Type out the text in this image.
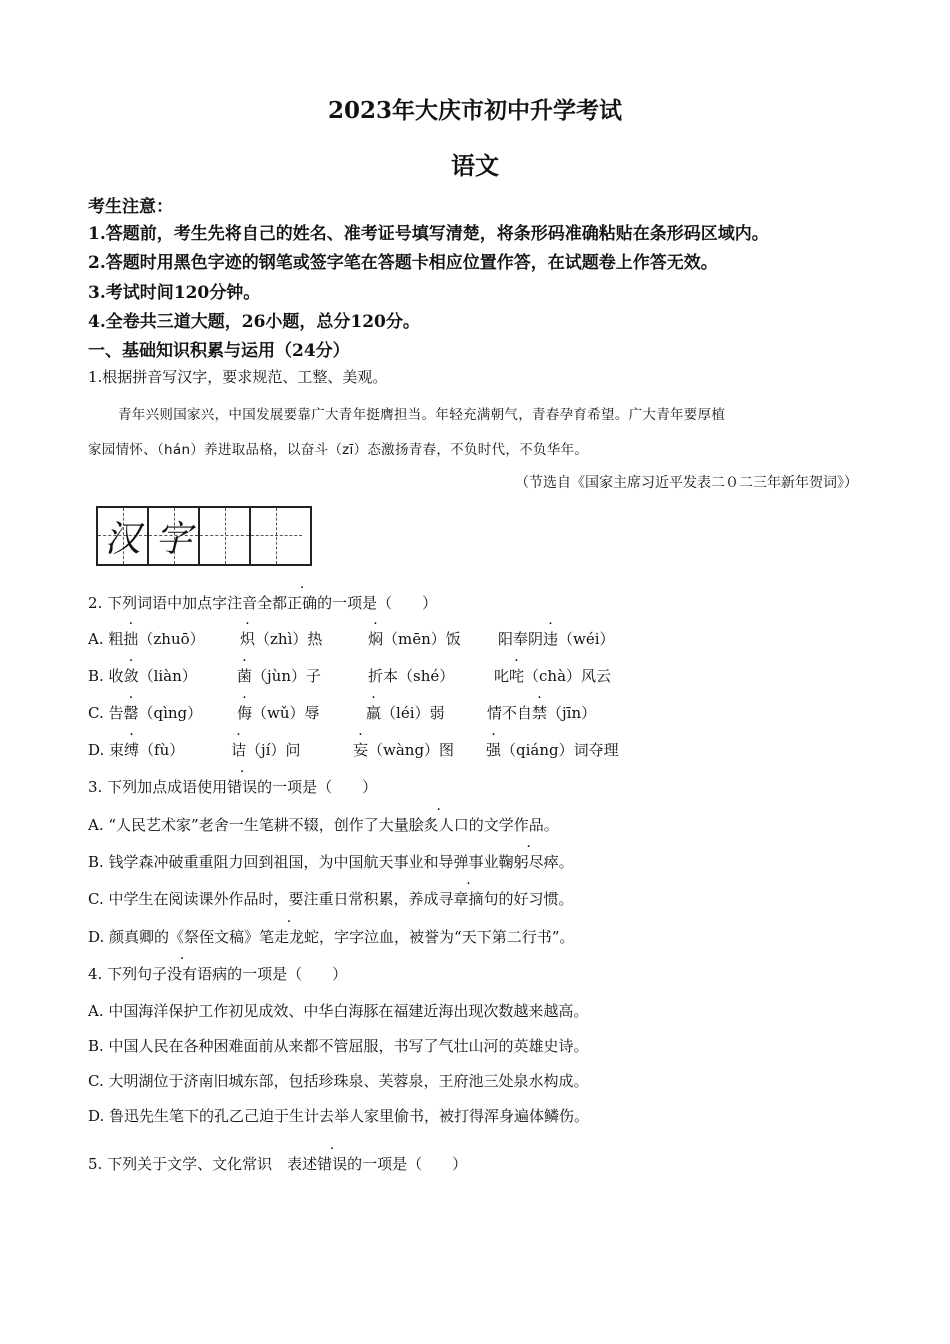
2023年大庆市初中升学考试
语文
考生注意：
1.答题前，考生先将自己的姓名、准考证号填写清楚，将条形码准确粘贴在条形码区域内。
2.答题时用黑色字迹的钢笔或签字笔在答题卡相应位置作答，在试题卷上作答无效。
3.考试时间120分钟。
4.全卷共三道大题，26小题，总分120分。
一、基础知识积累与运用（24分）
1.根据拼音写汉字，要求规范、工整、美观。
青年兴则国家兴，中国发展要靠广大青年挺膺担当。年轻充满朝气，青春孕育希望。广大青年要厚植
家园情怀、（hán）养进取品格，以奋斗（zī）态激扬青春，不负时代，不负华年。
（节选自《国家主席习近平发表二０二三年新年贺词》）
汉 字
2. 下列词语中加点字注音全都正确的一项是（　　）
A. 粗拙（zhuō） 炽（zhì）热	焖（mēn）饭 阳奉阴违（wéi）
B. 收敛（liàn）	菌（jùn）子	折本（shé）	叱咤（chà）风云
C. 告罄（qìng） 侮（wǔ）辱	羸（léi）弱	情不自禁（jīn）
D. 束缚（fù）	诘（jí）问	妄（wàng）图 强（qiáng）词夺理
3. 下列加点成语使用错误的一项是（　　）
A. “人民艺术家”老舍一生笔耕不辍，创作了大量脍炙人口的文学作品。
B. 钱学森冲破重重阻力回到祖国，为中国航天事业和导弹事业鞠躬尽瘁。
C. 中学生在阅读课外作品时，要注重日常积累，养成寻章摘句的好习惯。
D. 颜真卿的《祭侄文稿》笔走龙蛇，字字泣血，被誉为“天下第二行书”。
4. 下列句子没有语病的一项是（　　）
A. 中国海洋保护工作初见成效、中华白海豚在福建近海出现次数越来越高。
B. 中国人民在各种困难面前从来都不管屈服，书写了气壮山河的英雄史诗。
C. 大明湖位于济南旧城东部，包括珍珠泉、芙蓉泉，王府池三处泉水构成。
D. 鲁迅先生笔下的孔乙己迫于生计去举人家里偷书，被打得浑身遍体鳞伤。
5. 下列关于文学、文化常识　表述错误的一项是（　　）
